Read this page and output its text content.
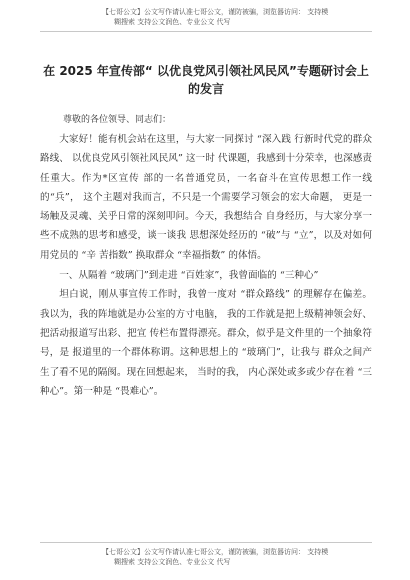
【七哥公文】公文写作请认准七哥公文，谨防被骗，浏览器访问： 支持模
糊搜索 支持公文润色、专业公文 代写
在 2025 年宣传部“ 以优良党风引领社风民风”专题研讨会上的发言
尊敬的各位领导、同志们：

大家好！能有机会站在这里，与大家一同探讨 “深入践 行新时代党的群众路线、 以优良党风引领社风民风” 这一时 代课题，我感到十分荣幸，也深感责任重大。作为*区宣传 部的一名普通党员，一名奋斗在宣传思想工作一线的“兵”， 这个主题对我而言，不只是一个需要学习领会的宏大命题， 更是一场触及灵魂、关乎日常的深刻叩问。今天，我想结合 自身经历，与大家分享一些不成熟的思考和感受，谈一谈我 思想深处经历的 “破”与 “立”，以及对如何用党员的 “辛 苦指数” 换取群众 “幸福指数” 的体悟。

一、从隔着 “玻璃门”到走进 “百姓家”，我曾面临的 “三种心”

坦白说，刚从事宣传工作时，我曾一度对 “群众路线” 的理解存在偏差。我以为，我的阵地就是办公室的方寸电脑， 我的工作就是把上级精神领会好、把活动报道写出彩、把宣 传栏布置得漂亮。群众，似乎是文件里的一个抽象符号，是 报道里的一个群体称谓。这种思想上的 “玻璃门”，让我与 群众之间产生了看不见的隔阂。现在回想起来， 当时的我， 内心深处或多或少存在着 “三种心”。第一种是 “畏难心”。

【七哥公文】公文写作请认准七哥公文，谨防被骗，浏览器访问： 支持模
糊搜索 支持公文润色、专业公文 代写
